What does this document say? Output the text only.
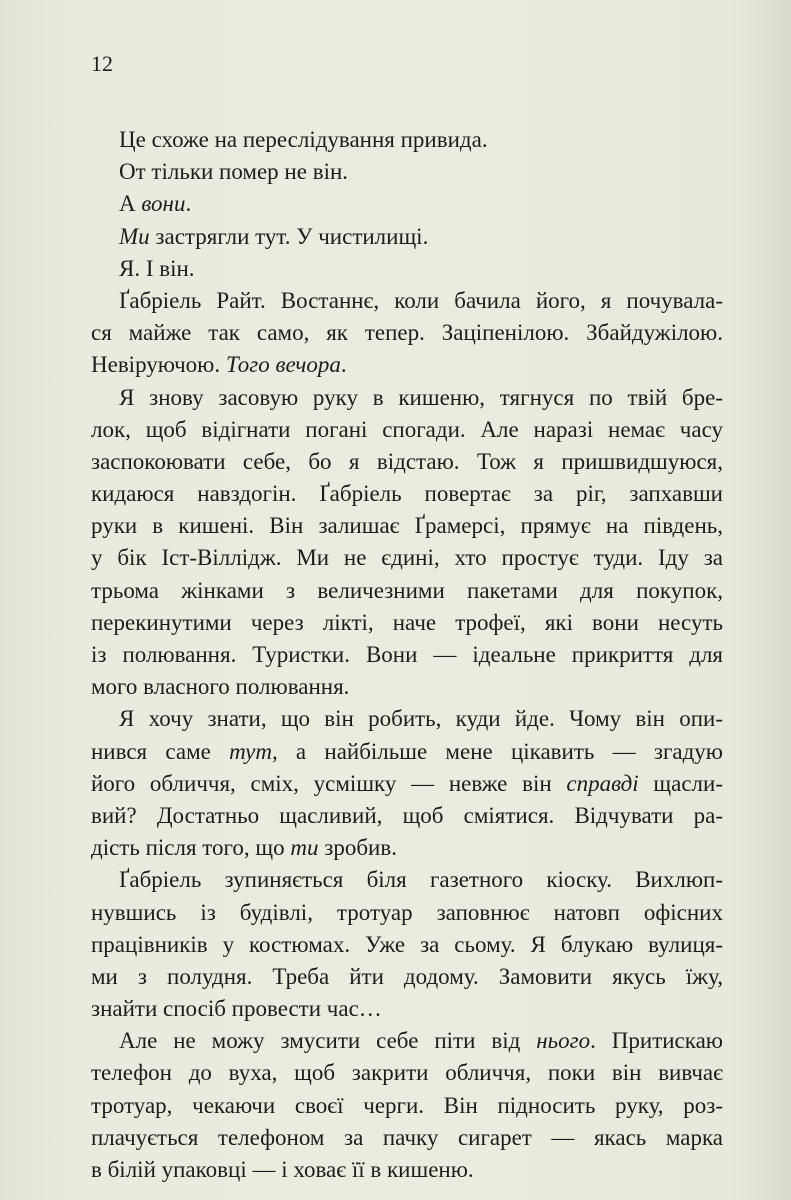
12
Це схоже на переслідування привида.
От тільки помер не він.
А вони.
Ми застрягли тут. У чистилищі.
Я. І він.
Ґабріель Райт. Востаннє, коли бачила його, я почувала-
ся майже так само, як тепер. Заціпенілою. Збайдужілою.
Невіруючою. Того вечора.
Я знову засовую руку в кишеню, тягнуся по твій бре-
лок, щоб відігнати погані спогади. Але наразі немає часу
заспокоювати себе, бо я відстаю. Тож я пришвидшуюся,
кидаюся навздогін. Ґабріель повертає за ріг, запхавши
руки в кишені. Він залишає Ґрамерсі, прямує на південь,
у бік Іст-Віллідж. Ми не єдині, хто простує туди. Іду за
трьома жінками з величезними пакетами для покупок,
перекинутими через лікті, наче трофеї, які вони несуть
із полювання. Туристки. Вони — ідеальне прикриття для
мого власного полювання.
Я хочу знати, що він робить, куди йде. Чому він опи-
нився саме тут, а найбільше мене цікавить — згадую
його обличчя, сміх, усмішку — невже він справді щасли-
вий? Достатньо щасливий, щоб сміятися. Відчувати ра-
дість після того, що ти зробив.
Ґабріель зупиняється біля газетного кіоску. Вихлюп-
нувшись із будівлі, тротуар заповнює натовп офісних
працівників у костюмах. Уже за сьому. Я блукаю вулиця-
ми з полудня. Треба йти додому. Замовити якусь їжу,
знайти спосіб провести час…
Але не можу змусити себе піти від нього. Притискаю
телефон до вуха, щоб закрити обличчя, поки він вивчає
тротуар, чекаючи своєї черги. Він підносить руку, роз-
плачується телефоном за пачку сигарет — якась марка
в білій упаковці — і ховає її в кишеню.
